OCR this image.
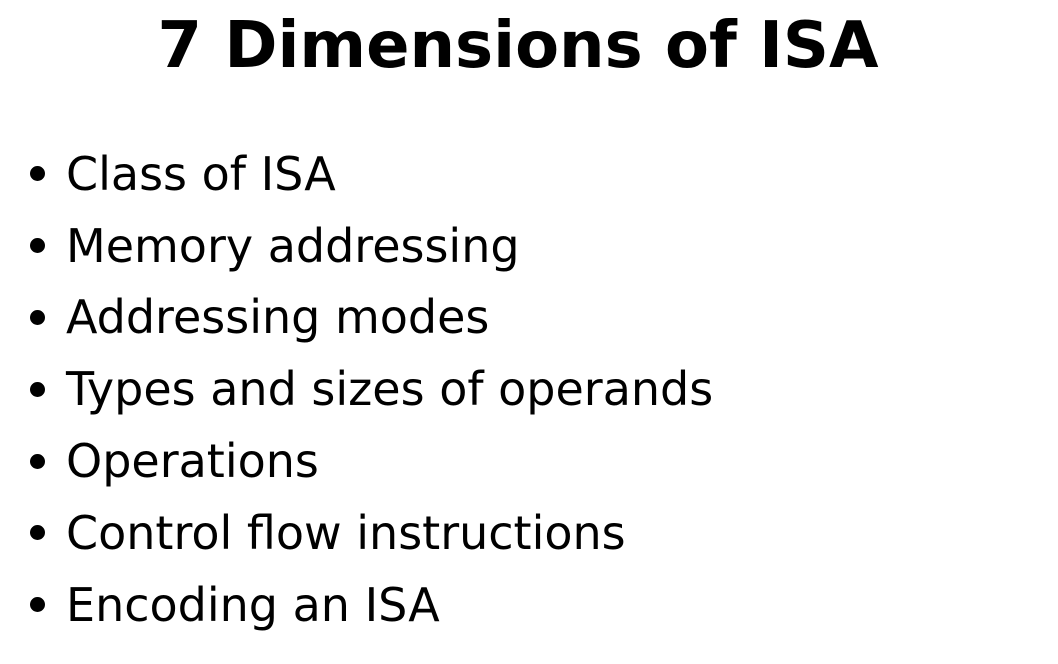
7 Dimensions of ISA
Class of ISA
Memory addressing
Addressing modes
Types and sizes of operands
Operations
Control flow instructions
Encoding an ISA
